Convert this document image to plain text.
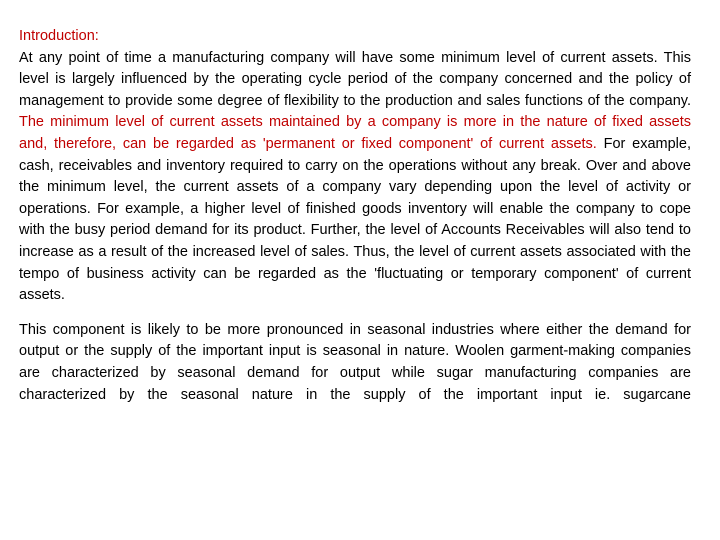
Introduction:

At any point of time a manufacturing company will have some minimum level of current assets. This level is largely influenced by the operating cycle period of the company concerned and the policy of management to provide some degree of flexibility to the production and sales functions of the company. The minimum level of current assets maintained by a company is more in the nature of fixed assets and, therefore, can be regarded as 'permanent or fixed component' of current assets. For example, cash, receivables and inventory required to carry on the operations without any break. Over and above the minimum level, the current assets of a company vary depending upon the level of activity or operations. For example, a higher level of finished goods inventory will enable the company to cope with the busy period demand for its product. Further, the level of Accounts Receivables will also tend to increase as a result of the increased level of sales. Thus, the level of current assets associated with the tempo of business activity can be regarded as the 'fluctuating or temporary component' of current assets.

This component is likely to be more pronounced in seasonal industries where either the demand for output or the supply of the important input is seasonal in nature. Woolen garment-making companies are characterized by seasonal demand for output while sugar manufacturing companies are characterized by the seasonal nature in the supply of the important input ie. sugarcane
